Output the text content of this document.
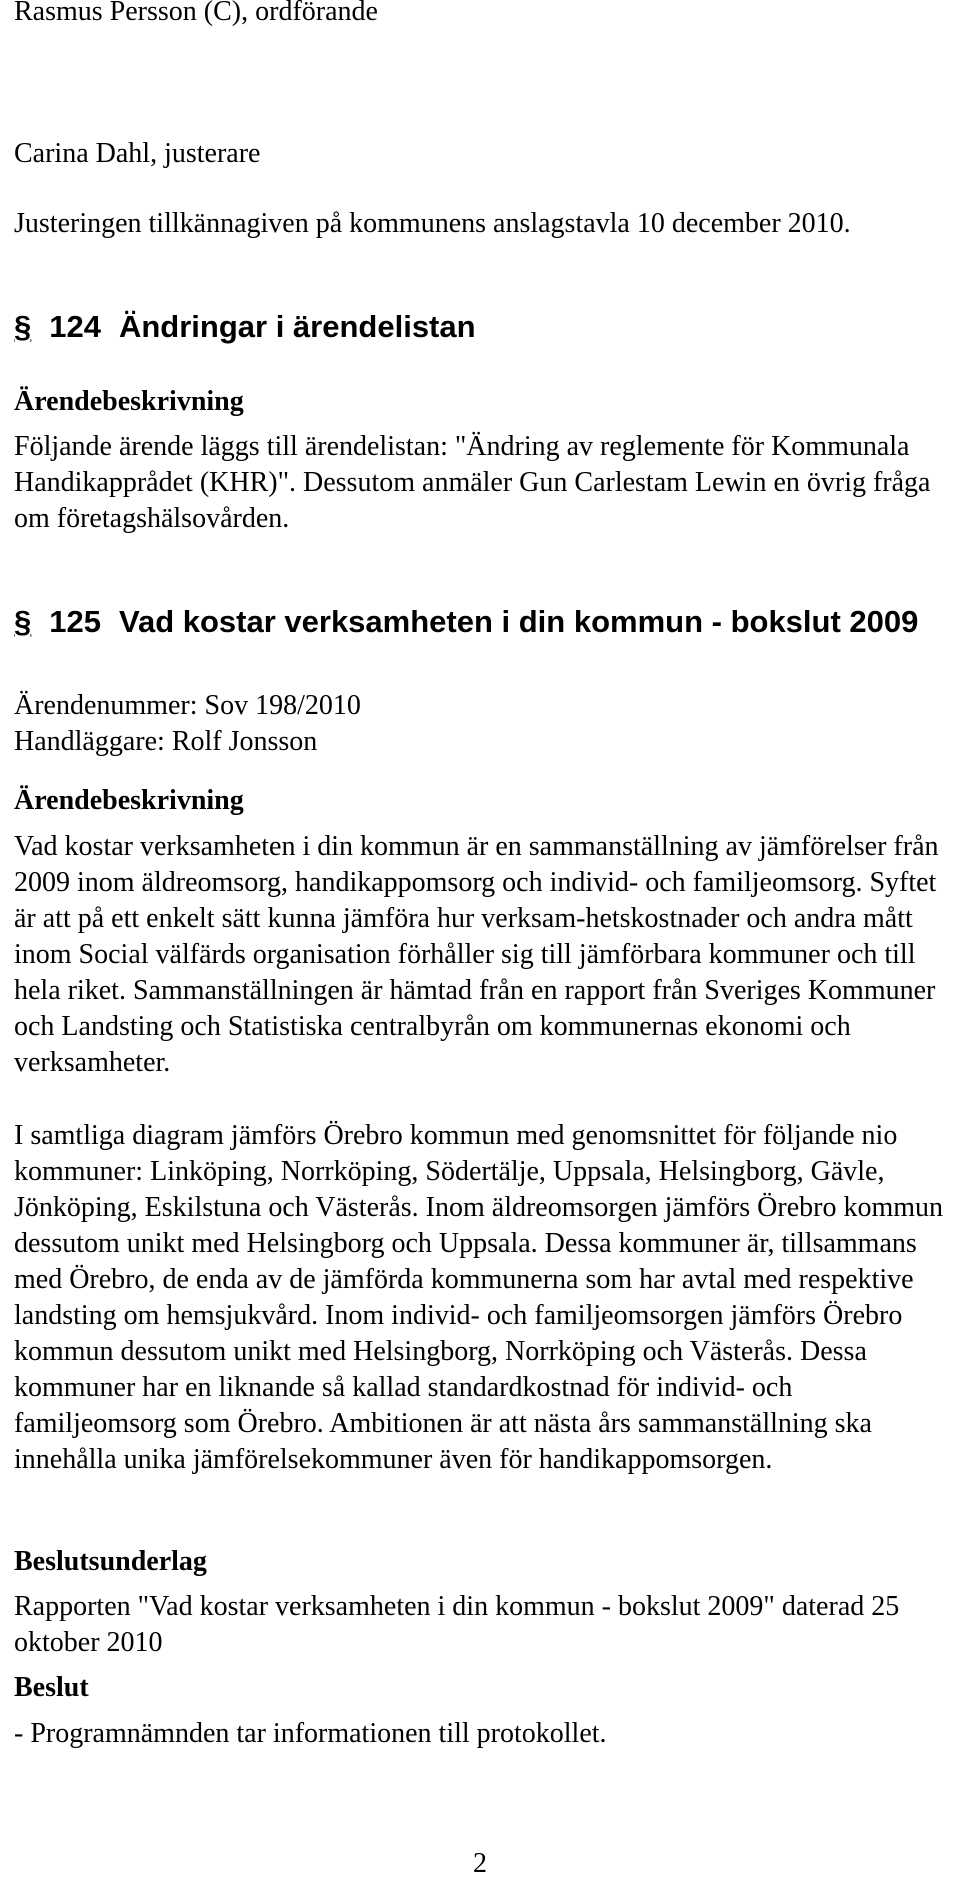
Rasmus Persson (C), ordförande
Carina Dahl, justerare
Justeringen tillkännagiven på kommunens anslagstavla 10 december 2010.
§ 124 Ändringar i ärendelistan
Ärendebeskrivning
Följande ärende läggs till ärendelistan: "Ändring av reglemente för Kommunala Handikapprådet (KHR)". Dessutom anmäler Gun Carlestam Lewin en övrig fråga om företagshälsovården.
§ 125 Vad kostar verksamheten i din kommun - bokslut 2009
Ärendenummer: Sov 198/2010
Handläggare: Rolf Jonsson
Ärendebeskrivning
Vad kostar verksamheten i din kommun är en sammanställning av jämförelser från 2009 inom äldreomsorg, handikappomsorg och individ- och familjeomsorg. Syftet är att på ett enkelt sätt kunna jämföra hur verksam-hetskostnader och andra mått inom Social välfärds organisation förhåller sig till jämförbara kommuner och till hela riket. Sammanställningen är hämtad från en rapport från Sveriges Kommuner och Landsting och Statistiska centralbyrån om kommunernas ekonomi och verksamheter.
I samtliga diagram jämförs Örebro kommun med genomsnittet för följande nio kommuner: Linköping, Norrköping, Södertälje, Uppsala, Helsingborg, Gävle, Jönköping, Eskilstuna och Västerås. Inom äldreomsorgen jämförs Örebro kommun dessutom unikt med Helsingborg och Uppsala. Dessa kommuner är, tillsammans med Örebro, de enda av de jämförda kommunerna som har avtal med respektive landsting om hemsjukvård. Inom individ- och familjeomsorgen jämförs Örebro kommun dessutom unikt med Helsingborg, Norrköping och Västerås. Dessa kommuner har en liknande så kallad standardkostnad för individ- och familjeomsorg som Örebro. Ambitionen är att nästa års sammanställning ska innehålla unika jämförelsekommuner även för handikappomsorgen.
Beslutsunderlag
Rapporten "Vad kostar verksamheten i din kommun - bokslut 2009" daterad 25 oktober 2010
Beslut
- Programnämnden tar informationen till protokollet.
2
